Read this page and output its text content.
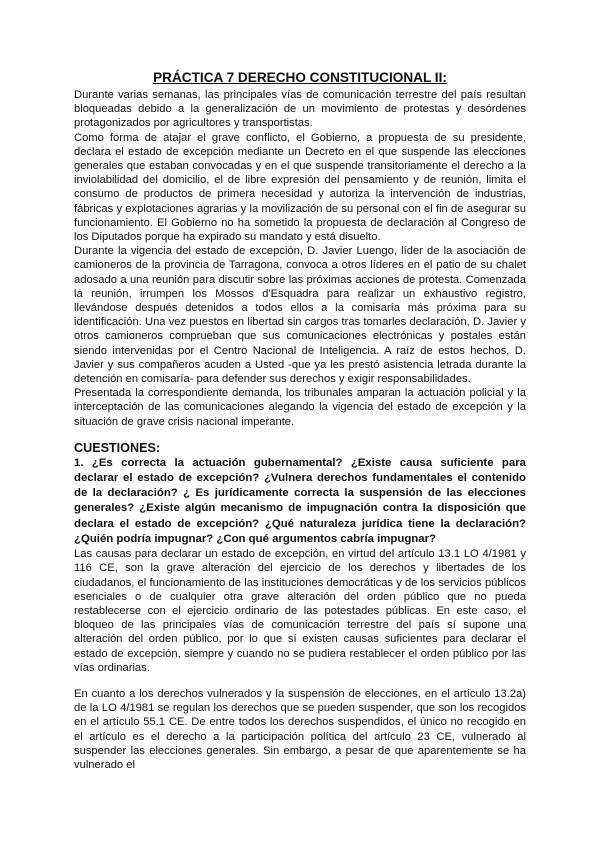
PRÁCTICA 7 DERECHO CONSTITUCIONAL II:

Durante varias semanas, las principales vías de comunicación terrestre del país resultan bloqueadas debido a la generalización de un movimiento de protestas y desórdenes protagonizados por agricultores y transportistas.

Como forma de atajar el grave conflicto, el Gobierno, a propuesta de su presidente, declara el estado de excepción mediante un Decreto en el que suspende las elecciones generales que estaban convocadas y en el que suspende transitoriamente el derecho a la inviolabilidad del domicilio, el de libre expresión del pensamiento y de reunión, limita el consumo de productos de primera necesidad y autoriza la intervención de industrias, fábricas y explotaciones agrarias y la movilización de su personal con el fin de asegurar su funcionamiento. El Gobierno no ha sometido la propuesta de declaración al Congreso de los Diputados porque ha expirado su mandato y está disuelto.

Durante la vigencia del estado de excepción, D. Javier Luengo, líder de la asociación de camioneros de la provincia de Tarragona, convoca a otros líderes en el patio de su chalet adosado a una reunión para discutir sobre las próximas acciones de protesta. Comenzada la reunión, irrumpen los Mossos d'Esquadra para realizar un exhaustivo registro, llevándose después detenidos a todos ellos a la comisaría más próxima para su identificación. Una vez puestos en libertad sin cargos tras tomarles declaración, D. Javier y otros camioneros comprueban que sus comunicaciones electrónicas y postales están siendo intervenidas por el Centro Nacional de Inteligencia. A raíz de estos hechos, D. Javier y sus compañeros acuden a Usted -que ya les prestó asistencia letrada durante la detención en comisaría- para defender sus derechos y exigir responsabilidades.

Presentada la correspondiente demanda, los tribunales amparan la actuación policial y la interceptación de las comunicaciones alegando la vigencia del estado de excepción y la situación de grave crisis nacional imperante.

CUESTIONES:

1. ¿Es correcta la actuación gubernamental? ¿Existe causa suficiente para declarar el estado de excepción? ¿Vulnera derechos fundamentales el contenido de la declaración? ¿ Es jurídicamente correcta la suspensión de las elecciones generales? ¿Existe algún mecanismo de impugnación contra la disposición que declara el estado de excepción? ¿Qué naturaleza jurídica tiene la declaración? ¿Quién podría impugnar? ¿Con qué argumentos cabría impugnar?

Las causas para declarar un estado de excepción, en virtud del artículo 13.1 LO 4/1981 y 116 CE, son la grave alteración del ejercicio de los derechos y libertades de los ciudadanos, el funcionamiento de las instituciones democráticas y de los servicios públicos esenciales o de cualquier otra grave alteración del orden público que no pueda restablecerse con el ejercicio ordinario de las potestades públicas. En este caso, el bloqueo de las principales vías de comunicación terrestre del país sí supone una alteración del orden público, por lo que sí existen causas suficientes para declarar el estado de excepción, siempre y cuando no se pudiera restablecer el orden público por las vías ordinarias.

En cuanto a los derechos vulnerados y la suspensión de elecciones, en el artículo 13.2a) de la LO 4/1981 se regulan los derechos que se pueden suspender, que son los recogidos en el artículo 55.1 CE. De entre todos los derechos suspendidos, el único no recogido en el artículo es el derecho a la participación política del artículo 23 CE, vulnerado al suspender las elecciones generales. Sin embargo, a pesar de que aparentemente se ha vulnerado el
